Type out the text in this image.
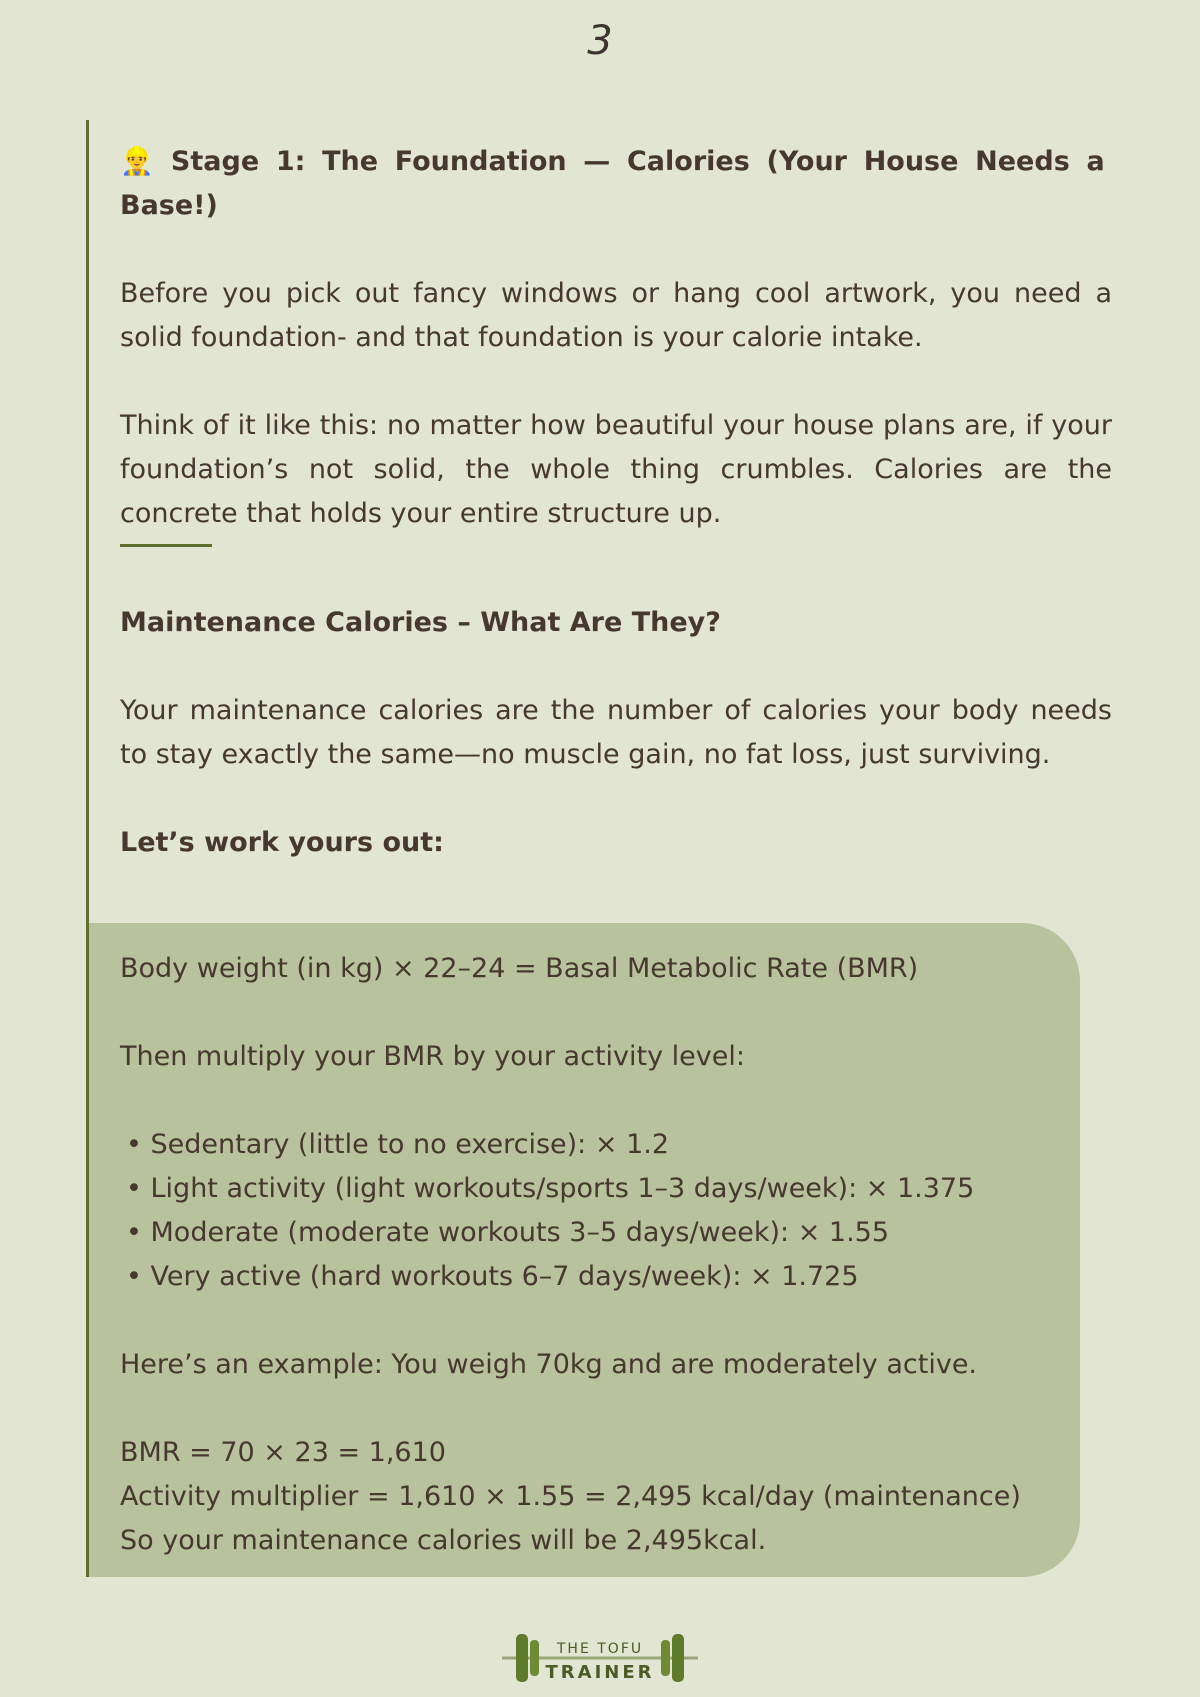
3

👷‍♂️ Stage 1: The Foundation — Calories (Your House Needs a Base!)

Before you pick out fancy windows or hang cool artwork, you need a solid foundation- and that foundation is your calorie intake.

Think of it like this: no matter how beautiful your house plans are, if your foundation’s not solid, the whole thing crumbles. Calories are the concrete that holds your entire structure up.

Maintenance Calories – What Are They?

Your maintenance calories are the number of calories your body needs to stay exactly the same—no muscle gain, no fat loss, just surviving.

Let’s work yours out:

Body weight (in kg) × 22–24 = Basal Metabolic Rate (BMR)

Then multiply your BMR by your activity level:

• Sedentary (little to no exercise): × 1.2

• Light activity (light workouts/sports 1–3 days/week): × 1.375

• Moderate (moderate workouts 3–5 days/week): × 1.55

• Very active (hard workouts 6–7 days/week): × 1.725

Here’s an example: You weigh 70kg and are moderately active.

BMR = 70 × 23 = 1,610

Activity multiplier = 1,610 × 1.55 = 2,495 kcal/day (maintenance)

So your maintenance calories will be 2,495kcal.

THE TOFU
TRAINER
